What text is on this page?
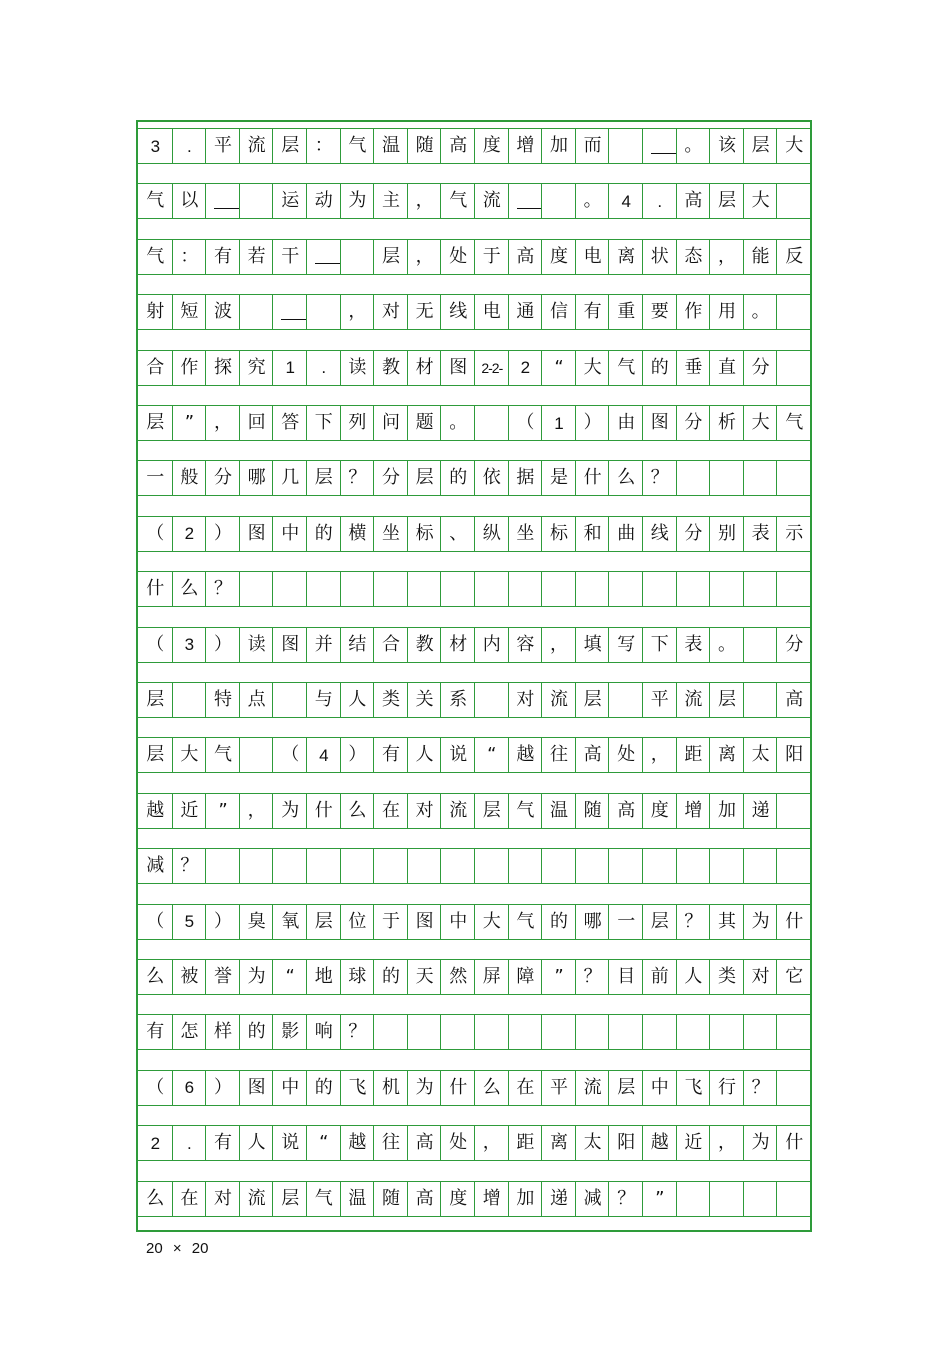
3 . 平 流 层 ： 气 温 随 高 度 增 加 而	。 该 层 大
气 以	运 动 为 主 ， 气 流	。 4 . 高 层 大
气 ： 有 若 干	层 ， 处 于 高 度 电 离 状 态 ， 能 反
射 短 波	， 对 无 线 电 通 信 有 重 要 作 用 。
合 作 探 究 1 . 读 教 材 图 2-2- 2 “ 大 气 的 垂 直 分
层 ” ， 回 答 下 列 问 题 。	（ 1 ） 由 图 分 析 大 气
一 般 分 哪 几 层 ？ 分 层 的 依 据 是 什 么 ？
（ 2 ） 图 中 的 横 坐 标 、 纵 坐 标 和 曲 线 分 别 表 示
什 么 ？
（ 3 ） 读 图 并 结 合 教 材 内 容 ， 填 写 下 表 。	分
层	特 点	与 人 类 关 系	对 流 层	平 流 层	高
层 大 气	（ 4 ） 有 人 说 “ 越 往 高 处 ， 距 离 太 阳
越 近 ” ， 为 什 么 在 对 流 层 气 温 随 高 度 增 加 递
减 ？
（ 5 ） 臭 氧 层 位 于 图 中 大 气 的 哪 一 层 ？ 其 为 什
么 被 誉 为 “ 地 球 的 天 然 屏 障 ” ？ 目 前 人 类 对 它
有 怎 样 的 影 响 ？
（ 6 ） 图 中 的 飞 机 为 什 么 在 平 流 层 中 飞 行 ？
2 . 有 人 说 “ 越 往 高 处 ， 距 离 太 阳 越 近 ， 为 什
么 在 对 流 层 气 温 随 高 度 增 加 递 减 ？ ”
20 × 20
